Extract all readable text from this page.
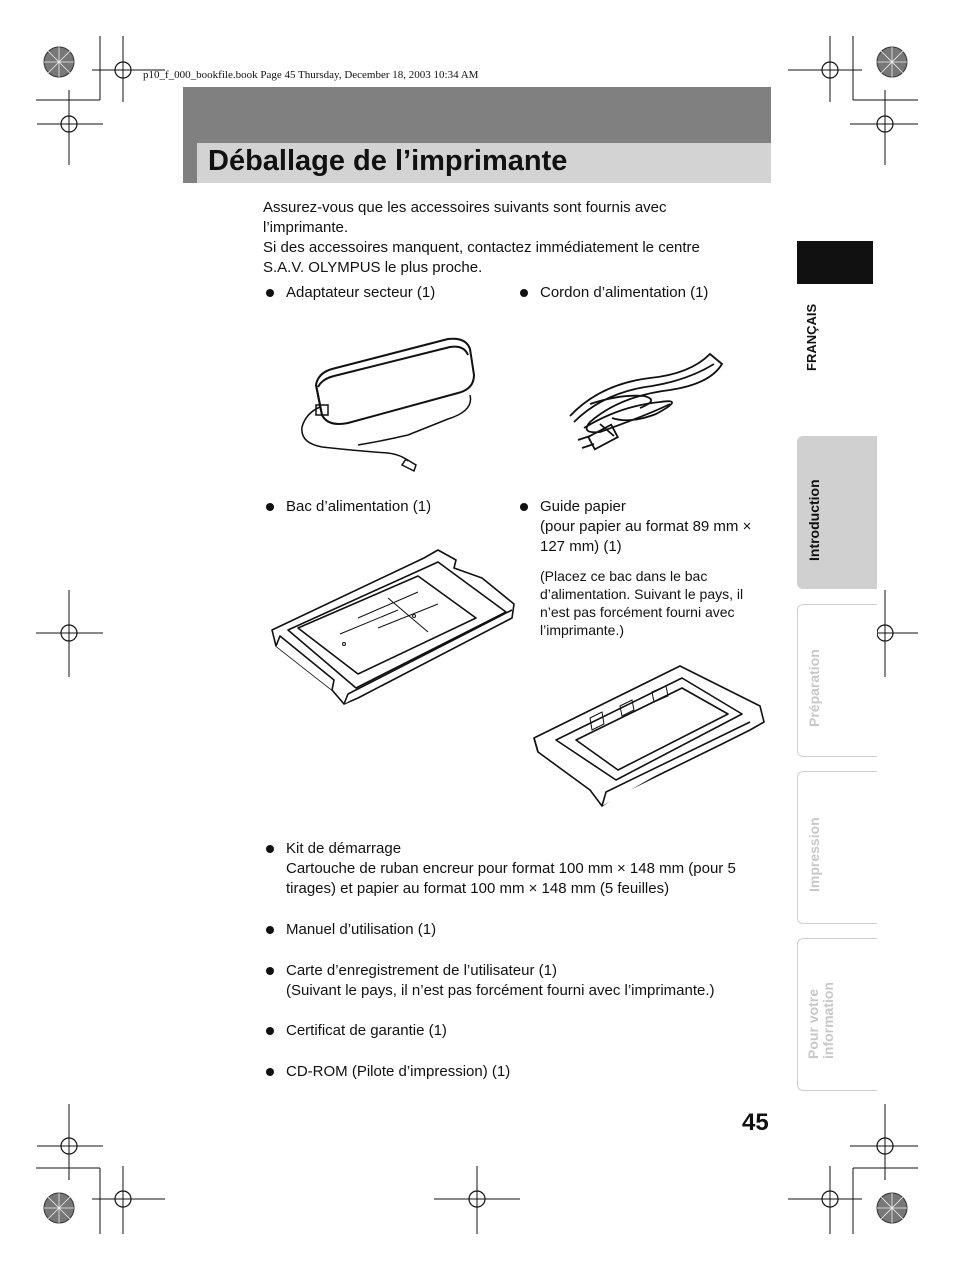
p10_f_000_bookfile.book Page 45 Thursday, December 18, 2003 10:34 AM
Déballage de l’imprimante

Assurez-vous que les accessoires suivants sont fournis avec l’imprimante.

Si des accessoires manquent, contactez immédiatement le centre S.A.V. OLYMPUS le plus proche.

Adaptateur secteur (1)	Cordon d’alimentation (1)
Bac d’alimentation (1)	Guide papier
(pour papier au format 89 mm × 127 mm) (1)
(Placez ce bac dans le bac d’alimentation. Suivant le pays, il n’est pas forcément fourni avec l’imprimante.)
Kit de démarrage
Cartouche de ruban encreur pour format 100 mm × 148 mm (pour 5 tirages) et papier au format 100 mm × 148 mm (5 feuilles)
Manuel d’utilisation (1)
Carte d’enregistrement de l’utilisateur (1)
(Suivant le pays, il n’est pas forcément fourni avec l’imprimante.)
Certificat de garantie (1)
CD-ROM (Pilote d’impression) (1)
FRANÇAIS
Introduction
Préparation
Impression
Pour votre information
45
